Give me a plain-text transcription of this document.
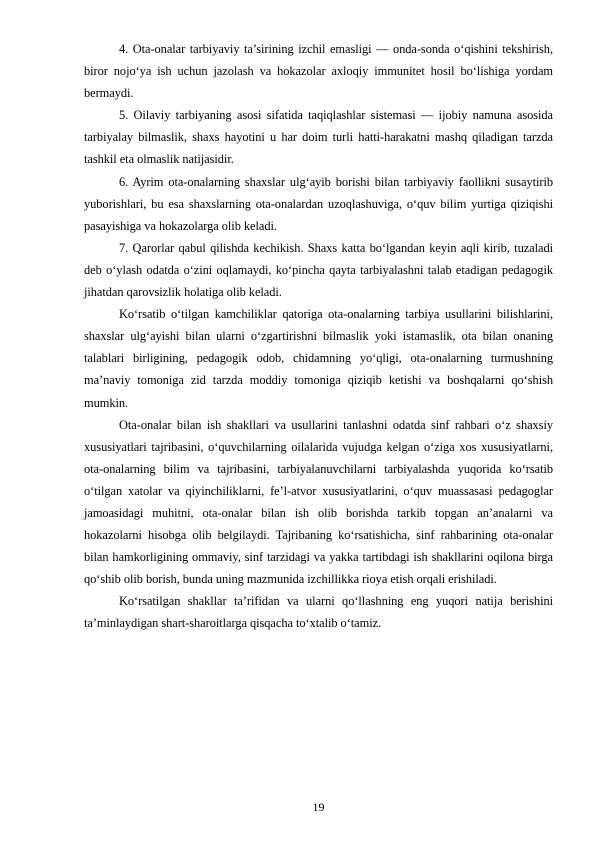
4. Ota-onalar tarbiyaviy ta’sirining izchil emasligi — onda-sonda o‘qishini tekshirish, biror nojo‘ya ish uchun jazolash va hokazolar axloqiy immunitet hosil bo‘lishiga yordam bermaydi.

5. Oilaviy tarbiyaning asosi sifatida taqiqlashlar sistemasi — ijobiy namuna asosida tarbiyalay bilmaslik, shaxs hayotini u har doim turli hatti-harakatni mashq qiladigan tarzda tashkil eta olmaslik natijasidir.

6. Ayrim ota-onalarning shaxslar ulg‘ayib borishi bilan tarbiyaviy faollikni susaytirib yuborishlari, bu esa shaxslarning ota-onalardan uzoqlashuviga, o‘quv bilim yurtiga qiziqishi pasayishiga va hokazolarga olib keladi.

7. Qarorlar qabul qilishda kechikish. Shaxs katta bo‘lgandan keyin aqli kirib, tuzaladi deb o‘ylash odatda o‘zini oqlamaydi, ko‘pincha qayta tarbiyalashni talab etadigan pedagogik jihatdan qarovsizlik holatiga olib keladi.

Ko‘rsatib o‘tilgan kamchiliklar qatoriga ota-onalarning tarbiya usullarini bilishlarini, shaxslar ulg‘ayishi bilan ularni o‘zgartirishni bilmaslik yoki istamaslik, ota bilan onaning talablari birligining, pedagogik odob, chidamning yo‘qligi, ota-onalarning turmushning ma’naviy tomoniga zid tarzda moddiy tomoniga qiziqib ketishi va boshqalarni qo‘shish mumkin.

Ota-onalar bilan ish shakllari va usullarini tanlashni odatda sinf rahbari o‘z shaxsiy xususiyatlari tajribasini, o‘quvchilarning oilalarida vujudga kelgan o‘ziga xos xususiyatlarni, ota-onalarning bilim va tajribasini, tarbiyalanuvchilarni tarbiyalashda yuqorida ko‘rsatib o‘tilgan xatolar va qiyinchiliklarni, fe’l-atvor xususiyatlarini, o‘quv muassasasi pedagoglar jamoasidagi muhitni, ota-onalar bilan ish olib borishda tarkib topgan an’analarni va hokazolarni hisobga olib belgilaydi. Tajribaning ko‘rsatishicha, sinf rahbarining ota-onalar bilan hamkorligining ommaviy, sinf tarzidagi va yakka tartibdagi ish shakllarini oqilona birga qo‘shib olib borish, bunda uning mazmunida izchillikka rioya etish orqali erishiladi.

Ko‘rsatilgan shakllar ta’rifidan va ularni qo‘llashning eng yuqori natija berishini ta’minlaydigan shart-sharoitlarga qisqacha to‘xtalib o‘tamiz.

19
